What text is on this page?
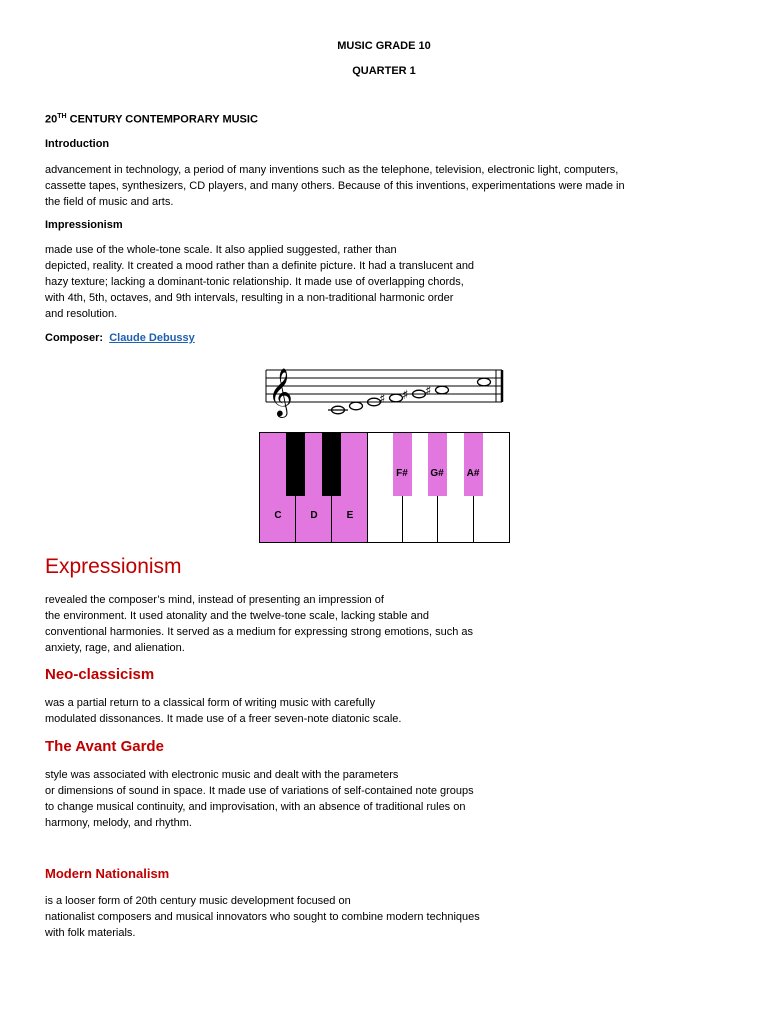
MUSIC GRADE 10
QUARTER 1
20TH CENTURY CONTEMPORARY MUSIC
Introduction
advancement in technology, a period of many inventions such as the telephone, television, electronic light, computers,
cassette tapes, synthesizers, CD players, and many others. Because of this inventions, experimentations were made in
the field of music and arts.
Impressionism
made use of the whole-tone scale. It also applied suggested, rather than
depicted, reality. It created a mood rather than a definite picture. It had a translucent and
hazy texture; lacking a dominant-tonic relationship. It made use of overlapping chords,
with 4th, 5th, octaves, and 9th intervals, resulting in a non-traditional harmonic order
and resolution.
Composer: Claude Debussy
𝄞	♯ ♯ ♯
F#	G#	A#
C	D	E
Expressionism
revealed the composer’s mind, instead of presenting an impression of
the environment. It used atonality and the twelve-tone scale, lacking stable and
conventional harmonies. It served as a medium for expressing strong emotions, such as
anxiety, rage, and alienation.
Neo-classicism
was a partial return to a classical form of writing music with carefully
modulated dissonances. It made use of a freer seven-note diatonic scale.
The Avant Garde
style was associated with electronic music and dealt with the parameters
or dimensions of sound in space. It made use of variations of self-contained note groups
to change musical continuity, and improvisation, with an absence of traditional rules on
harmony, melody, and rhythm.
Modern Nationalism
is a looser form of 20th century music development focused on
nationalist composers and musical innovators who sought to combine modern techniques
with folk materials.
